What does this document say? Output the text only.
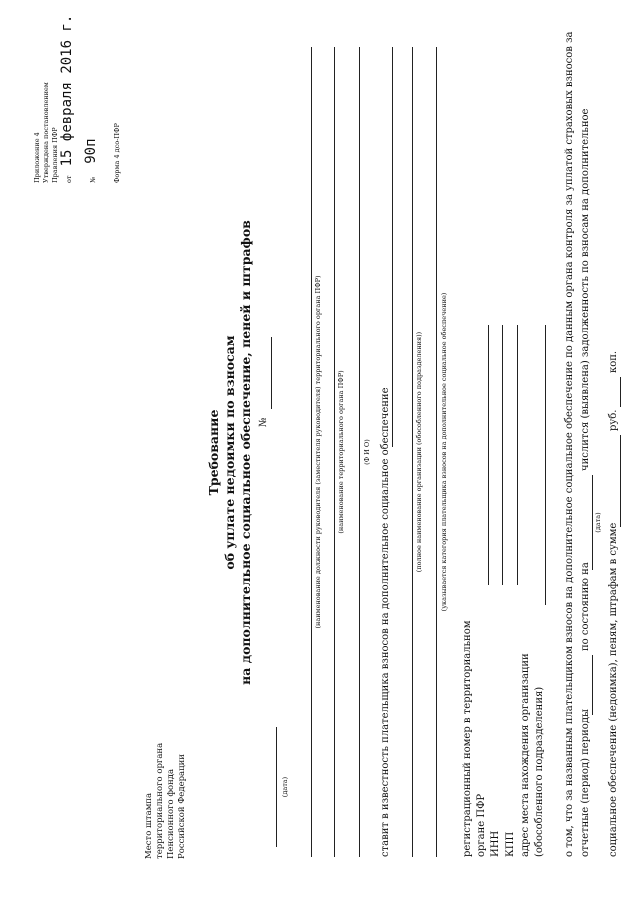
Приложение 4 Утверждена постановлением Правления ПФР от 15 февраля 2016 г.
№ 90п Форма 4 дсо-ПФР
Требование об уплате недоимки по взносам на дополнительное социальное обеспечение, пеней и штрафов №
Место штампа территориального органа Пенсионного фонда Российской Федерации	(дата)
(наименование должности руководителя (заместителя руководителя) территориального органа ПФР) (наименование территориального органа ПФР)	(Ф И О) ставит в известность плательщика взносов на дополнительное социальное обеспечение	(полное наименование организации (обособленного подразделения))	(указывается категория плательщика взносов на дополнительное социальное обеспечение)
регистрационный номер в территориальном органе ПФР ИНН КПП адрес места нахождения организации (обособленного подразделения) о том, что за названным плательщиком взносов на дополнительное социальное обеспечение по данным органа контроля за уплатой страховых взносов за отчетные (период) периоды
по состоянию на
(дата)
числится (выявлена) задолженность по взносам на дополнительное
социальное обеспечение (недоимка), пеням, штрафам в сумме
руб.
коп.
